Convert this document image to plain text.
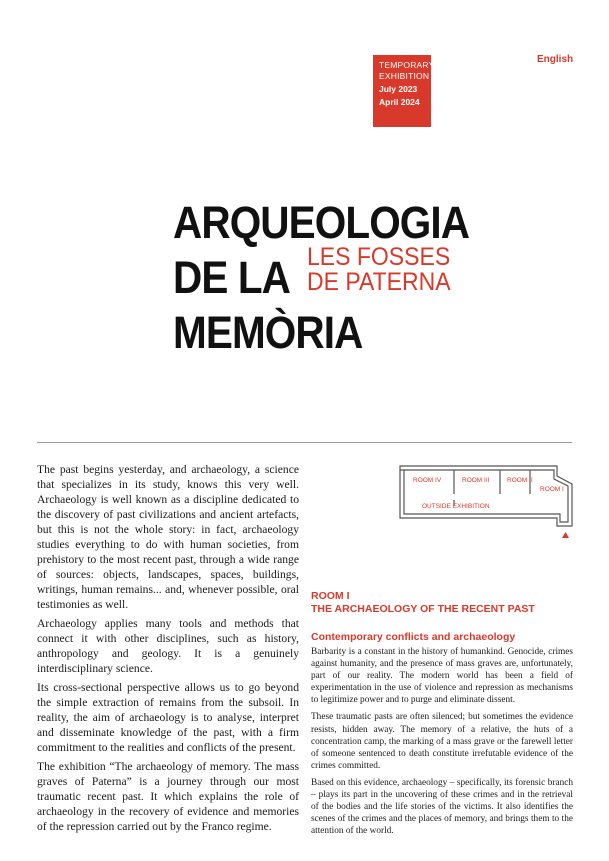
TEMPORARY
EXHIBITION
July 2023
April 2024
English
ARQUEOLOGIA
DE LA
MEMÒRIA
LES FOSSES
DE PATERNA

The past begins yesterday, and archaeology, a science that specializes in its study, knows this very well. Archaeology is well known as a discipline dedicated to the discovery of past civilizations and ancient artefacts, but this is not the whole story: in fact, archaeology studies everything to do with human societies, from prehistory to the most recent past, through a wide range of sources: objects, landscapes, spaces, buildings, writings, human remains... and, whenever possible, oral testimonies as well.

Archaeology applies many tools and methods that connect it with other disciplines, such as history, anthropology and geology. It is a genuinely interdisciplinary science.

Its cross-sectional perspective allows us to go beyond the simple extraction of remains from the subsoil. In reality, the aim of archaeology is to analyse, interpret and disseminate knowledge of the past, with a firm commitment to the realities and conflicts of the present.

The exhibition “The archaeology of memory. The mass graves of Paterna” is a journey through our most traumatic recent past. It which explains the role of archaeology in the recovery of evidence and memories of the repression carried out by the Franco regime.

ROOM IV	ROOM III	ROOM II
ROOM I
OUTSIDE EXHIBITION

ROOM I

THE ARCHAEOLOGY OF THE RECENT PAST

Contemporary conflicts and archaeology

Barbarity is a constant in the history of humankind. Genocide, crimes against humanity, and the presence of mass graves are, unfortunately, part of our reality. The modern world has been a field of experimentation in the use of violence and repression as mechanisms to legitimize power and to purge and eliminate dissent.

These traumatic pasts are often silenced; but sometimes the evidence resists, hidden away. The memory of a relative, the huts of a concentration camp, the marking of a mass grave or the farewell letter of someone sentenced to death constitute irrefutable evidence of the crimes committed.

Based on this evidence, archaeology – specifically, its forensic branch – plays its part in the uncovering of these crimes and in the retrieval of the bodies and the life stories of the victims. It also identifies the scenes of the crimes and the places of memory, and brings them to the attention of the world.
